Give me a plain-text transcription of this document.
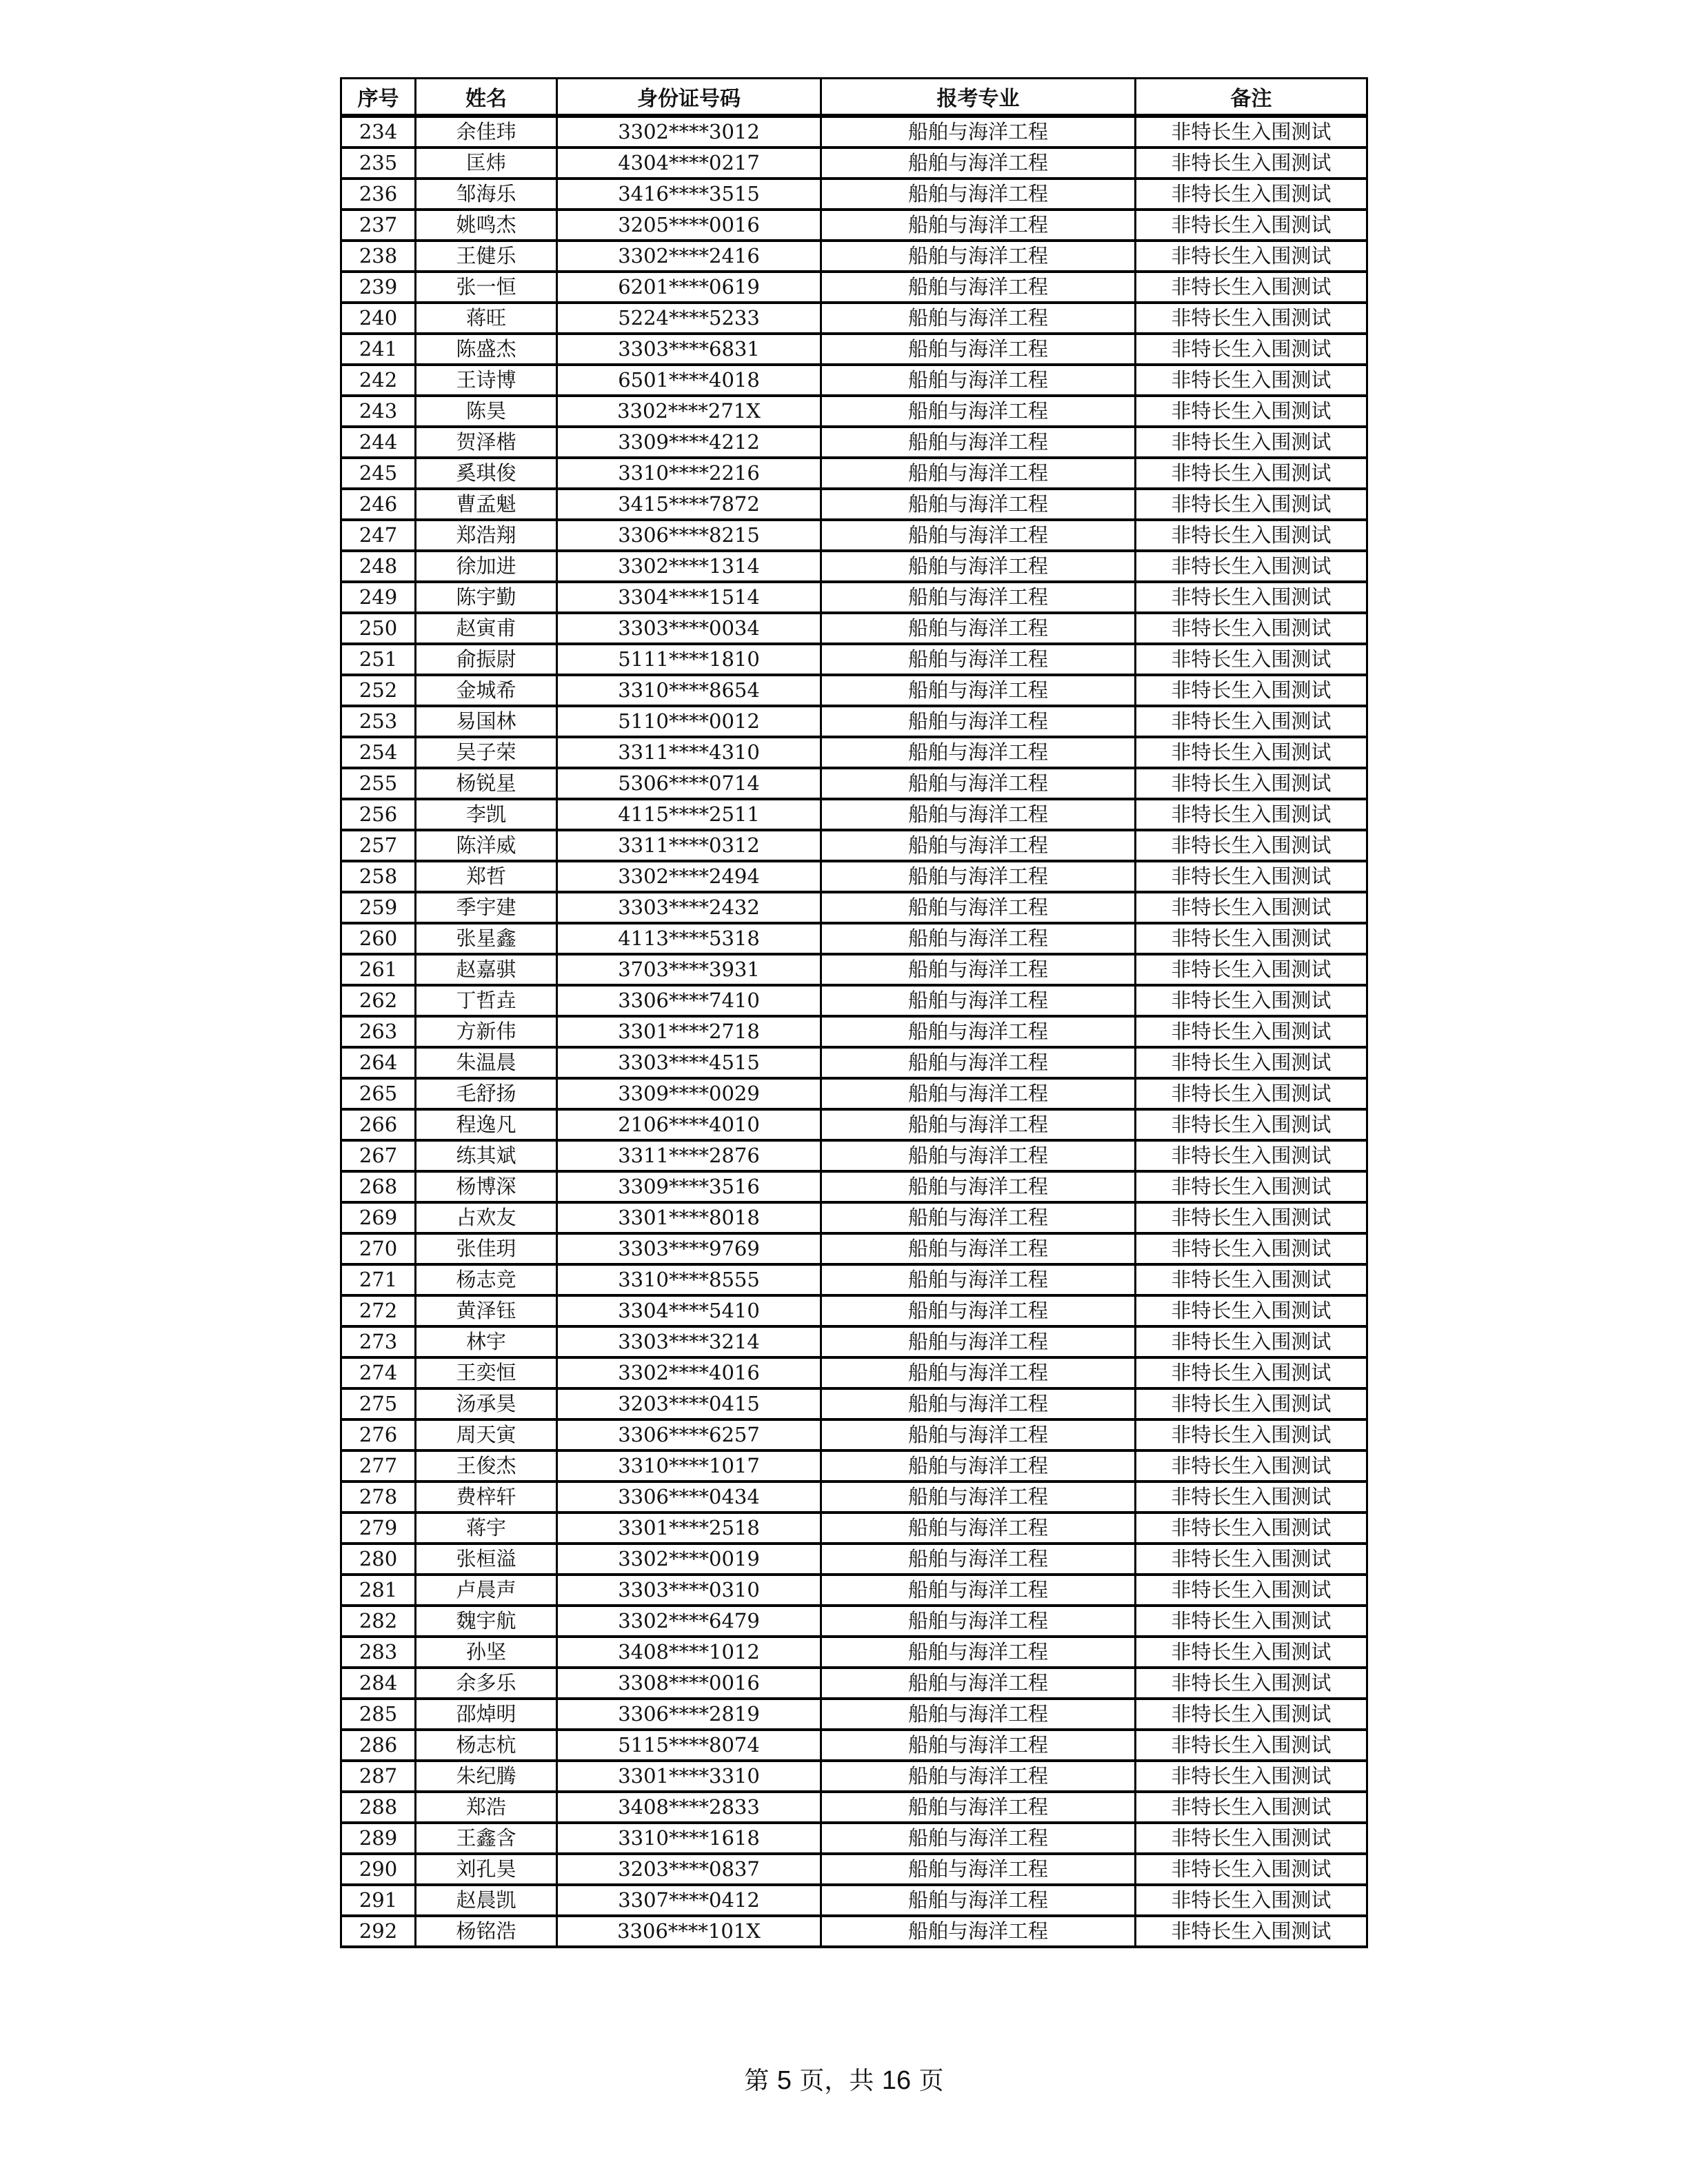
序号	姓名	身份证号码	报考专业	备注
234	余佳玮	3302****3012	船舶与海洋工程	非特长生入围测试
235	匡炜	4304****0217	船舶与海洋工程	非特长生入围测试
236	邹海乐	3416****3515	船舶与海洋工程	非特长生入围测试
237	姚鸣杰	3205****0016	船舶与海洋工程	非特长生入围测试
238	王健乐	3302****2416	船舶与海洋工程	非特长生入围测试
239	张一恒	6201****0619	船舶与海洋工程	非特长生入围测试
240	蒋旺	5224****5233	船舶与海洋工程	非特长生入围测试
241	陈盛杰	3303****6831	船舶与海洋工程	非特长生入围测试
242	王诗博	6501****4018	船舶与海洋工程	非特长生入围测试
243	陈昊	3302****271X	船舶与海洋工程	非特长生入围测试
244	贺泽楷	3309****4212	船舶与海洋工程	非特长生入围测试
245	奚琪俊	3310****2216	船舶与海洋工程	非特长生入围测试
246	曹孟魁	3415****7872	船舶与海洋工程	非特长生入围测试
247	郑浩翔	3306****8215	船舶与海洋工程	非特长生入围测试
248	徐加进	3302****1314	船舶与海洋工程	非特长生入围测试
249	陈宇勤	3304****1514	船舶与海洋工程	非特长生入围测试
250	赵寅甫	3303****0034	船舶与海洋工程	非特长生入围测试
251	俞振尉	5111****1810	船舶与海洋工程	非特长生入围测试
252	金城希	3310****8654	船舶与海洋工程	非特长生入围测试
253	易国林	5110****0012	船舶与海洋工程	非特长生入围测试
254	吴子荣	3311****4310	船舶与海洋工程	非特长生入围测试
255	杨锐星	5306****0714	船舶与海洋工程	非特长生入围测试
256	李凯	4115****2511	船舶与海洋工程	非特长生入围测试
257	陈洋威	3311****0312	船舶与海洋工程	非特长生入围测试
258	郑哲	3302****2494	船舶与海洋工程	非特长生入围测试
259	季宇建	3303****2432	船舶与海洋工程	非特长生入围测试
260	张星鑫	4113****5318	船舶与海洋工程	非特长生入围测试
261	赵嘉骐	3703****3931	船舶与海洋工程	非特长生入围测试
262	丁哲垚	3306****7410	船舶与海洋工程	非特长生入围测试
263	方新伟	3301****2718	船舶与海洋工程	非特长生入围测试
264	朱温晨	3303****4515	船舶与海洋工程	非特长生入围测试
265	毛舒扬	3309****0029	船舶与海洋工程	非特长生入围测试
266	程逸凡	2106****4010	船舶与海洋工程	非特长生入围测试
267	练其斌	3311****2876	船舶与海洋工程	非特长生入围测试
268	杨博深	3309****3516	船舶与海洋工程	非特长生入围测试
269	占欢友	3301****8018	船舶与海洋工程	非特长生入围测试
270	张佳玥	3303****9769	船舶与海洋工程	非特长生入围测试
271	杨志竞	3310****8555	船舶与海洋工程	非特长生入围测试
272	黄泽钰	3304****5410	船舶与海洋工程	非特长生入围测试
273	林宇	3303****3214	船舶与海洋工程	非特长生入围测试
274	王奕恒	3302****4016	船舶与海洋工程	非特长生入围测试
275	汤承昊	3203****0415	船舶与海洋工程	非特长生入围测试
276	周天寅	3306****6257	船舶与海洋工程	非特长生入围测试
277	王俊杰	3310****1017	船舶与海洋工程	非特长生入围测试
278	费梓轩	3306****0434	船舶与海洋工程	非特长生入围测试
279	蒋宇	3301****2518	船舶与海洋工程	非特长生入围测试
280	张桓溢	3302****0019	船舶与海洋工程	非特长生入围测试
281	卢晨声	3303****0310	船舶与海洋工程	非特长生入围测试
282	魏宇航	3302****6479	船舶与海洋工程	非特长生入围测试
283	孙坚	3408****1012	船舶与海洋工程	非特长生入围测试
284	余多乐	3308****0016	船舶与海洋工程	非特长生入围测试
285	邵焯明	3306****2819	船舶与海洋工程	非特长生入围测试
286	杨志杭	5115****8074	船舶与海洋工程	非特长生入围测试
287	朱纪腾	3301****3310	船舶与海洋工程	非特长生入围测试
288	郑浩	3408****2833	船舶与海洋工程	非特长生入围测试
289	王鑫含	3310****1618	船舶与海洋工程	非特长生入围测试
290	刘孔昊	3203****0837	船舶与海洋工程	非特长生入围测试
291	赵晨凯	3307****0412	船舶与海洋工程	非特长生入围测试
292	杨铭浩	3306****101X	船舶与海洋工程	非特长生入围测试
第 5 页，共 16 页
